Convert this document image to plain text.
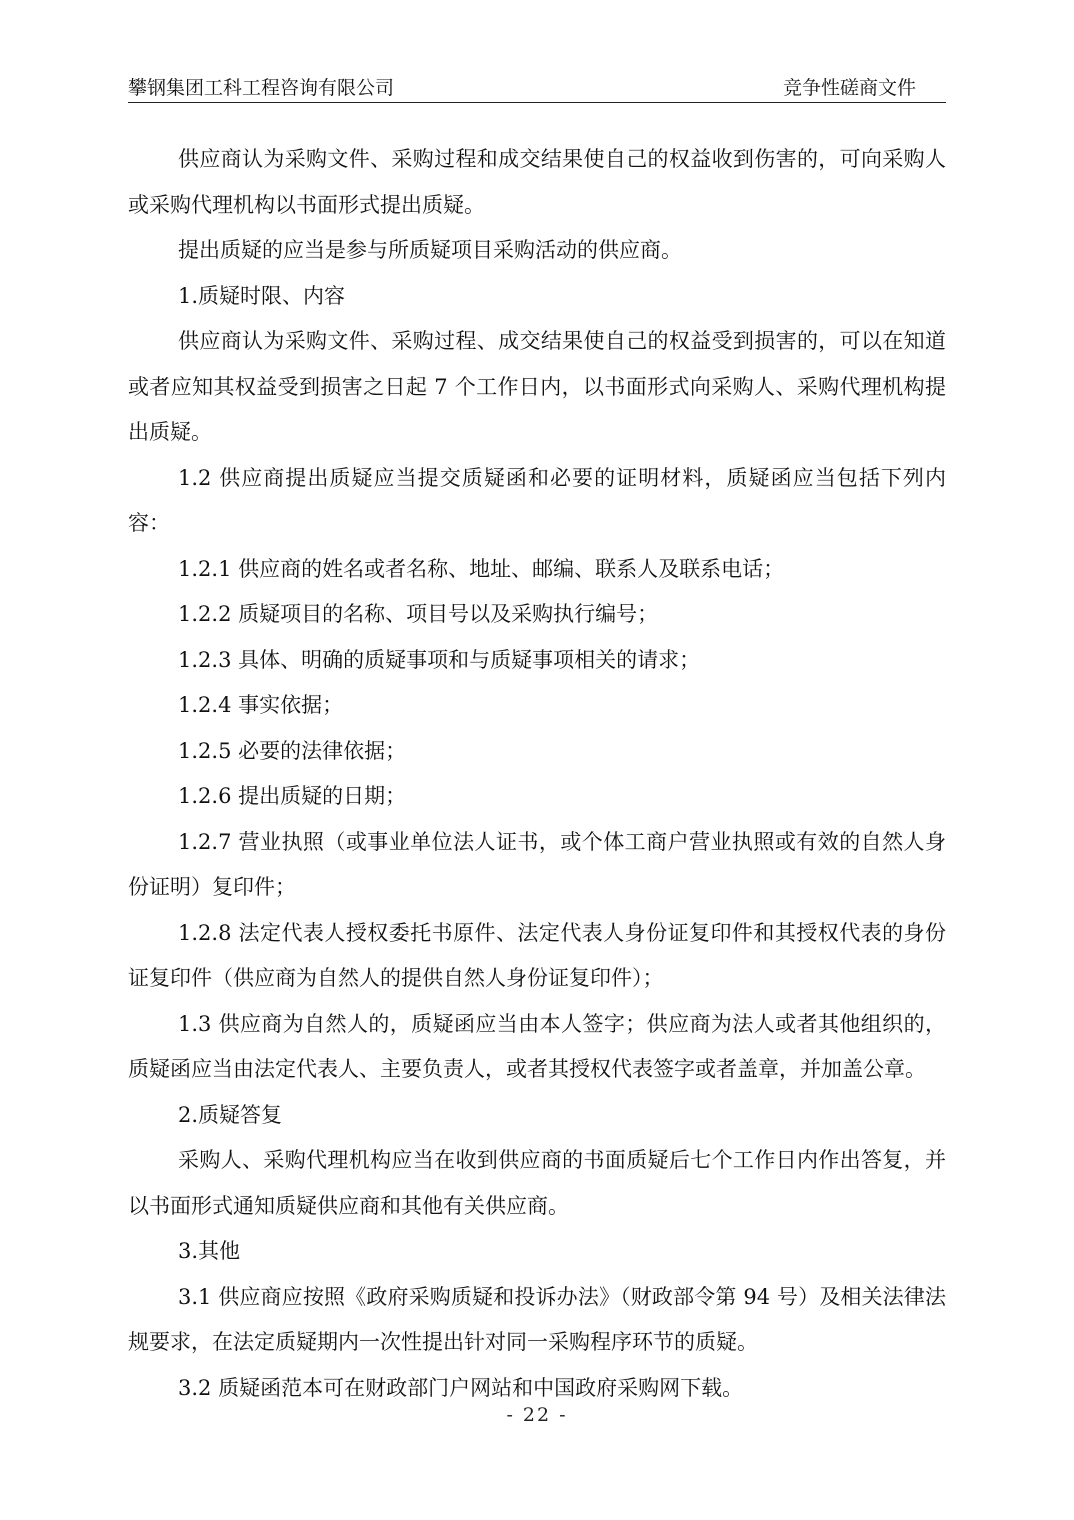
攀钢集团工科工程咨询有限公司	竞争性磋商文件

供应商认为采购文件、采购过程和成交结果使自己的权益收到伤害的，可向采购人或采购代理机构以书面形式提出质疑。

提出质疑的应当是参与所质疑项目采购活动的供应商。

1.质疑时限、内容

供应商认为采购文件、采购过程、成交结果使自己的权益受到损害的，可以在知道或者应知其权益受到损害之日起 7 个工作日内，以书面形式向采购人、采购代理机构提出质疑。

1.2 供应商提出质疑应当提交质疑函和必要的证明材料，质疑函应当包括下列内容：

1.2.1 供应商的姓名或者名称、地址、邮编、联系人及联系电话；

1.2.2 质疑项目的名称、项目号以及采购执行编号；

1.2.3 具体、明确的质疑事项和与质疑事项相关的请求；

1.2.4 事实依据；

1.2.5 必要的法律依据；

1.2.6 提出质疑的日期；

1.2.7 营业执照（或事业单位法人证书，或个体工商户营业执照或有效的自然人身份证明）复印件；

1.2.8 法定代表人授权委托书原件、法定代表人身份证复印件和其授权代表的身份证复印件（供应商为自然人的提供自然人身份证复印件）；

1.3 供应商为自然人的，质疑函应当由本人签字；供应商为法人或者其他组织的，质疑函应当由法定代表人、主要负责人，或者其授权代表签字或者盖章，并加盖公章。

2.质疑答复

采购人、采购代理机构应当在收到供应商的书面质疑后七个工作日内作出答复，并以书面形式通知质疑供应商和其他有关供应商。

3.其他

3.1 供应商应按照《政府采购质疑和投诉办法》（财政部令第 94 号）及相关法律法规要求，在法定质疑期内一次性提出针对同一采购程序环节的质疑。

3.2 质疑函范本可在财政部门户网站和中国政府采购网下载。

- 22 -
